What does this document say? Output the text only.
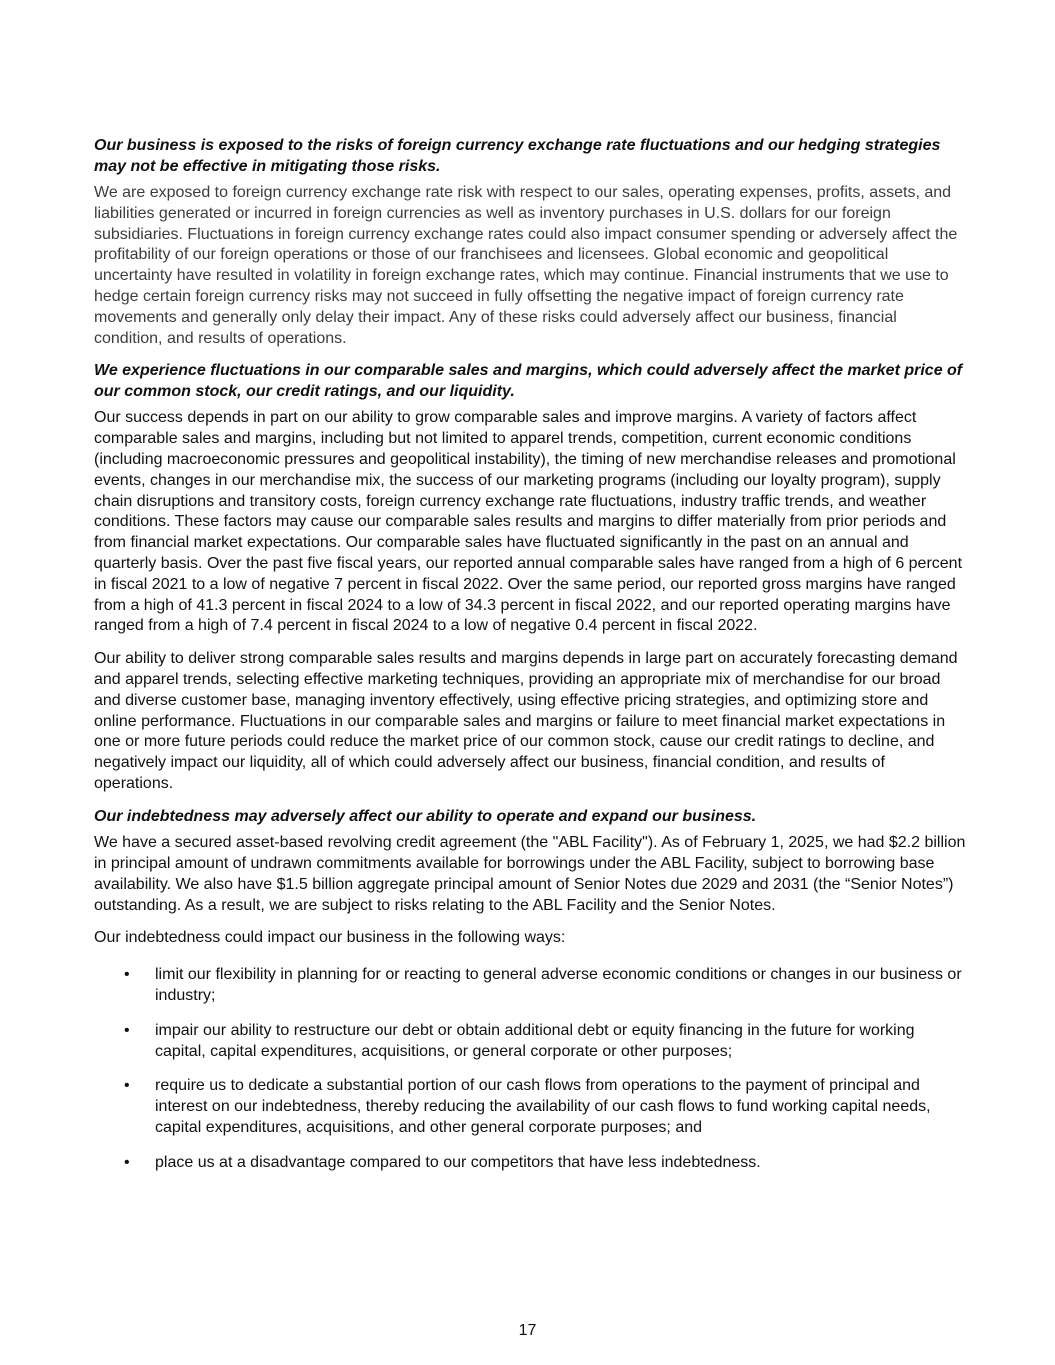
Our business is exposed to the risks of foreign currency exchange rate fluctuations and our hedging strategies may not be effective in mitigating those risks.

We are exposed to foreign currency exchange rate risk with respect to our sales, operating expenses, profits, assets, and liabilities generated or incurred in foreign currencies as well as inventory purchases in U.S. dollars for our foreign subsidiaries. Fluctuations in foreign currency exchange rates could also impact consumer spending or adversely affect the profitability of our foreign operations or those of our franchisees and licensees. Global economic and geopolitical uncertainty have resulted in volatility in foreign exchange rates, which may continue. Financial instruments that we use to hedge certain foreign currency risks may not succeed in fully offsetting the negative impact of foreign currency rate movements and generally only delay their impact. Any of these risks could adversely affect our business, financial condition, and results of operations.

We experience fluctuations in our comparable sales and margins, which could adversely affect the market price of our common stock, our credit ratings, and our liquidity.

Our success depends in part on our ability to grow comparable sales and improve margins. A variety of factors affect comparable sales and margins, including but not limited to apparel trends, competition, current economic conditions (including macroeconomic pressures and geopolitical instability), the timing of new merchandise releases and promotional events, changes in our merchandise mix, the success of our marketing programs (including our loyalty program), supply chain disruptions and transitory costs, foreign currency exchange rate fluctuations, industry traffic trends, and weather conditions. These factors may cause our comparable sales results and margins to differ materially from prior periods and from financial market expectations. Our comparable sales have fluctuated significantly in the past on an annual and quarterly basis. Over the past five fiscal years, our reported annual comparable sales have ranged from a high of 6 percent in fiscal 2021 to a low of negative 7 percent in fiscal 2022. Over the same period, our reported gross margins have ranged from a high of 41.3 percent in fiscal 2024 to a low of 34.3 percent in fiscal 2022, and our reported operating margins have ranged from a high of 7.4 percent in fiscal 2024 to a low of negative 0.4 percent in fiscal 2022.

Our ability to deliver strong comparable sales results and margins depends in large part on accurately forecasting demand and apparel trends, selecting effective marketing techniques, providing an appropriate mix of merchandise for our broad and diverse customer base, managing inventory effectively, using effective pricing strategies, and optimizing store and online performance. Fluctuations in our comparable sales and margins or failure to meet financial market expectations in one or more future periods could reduce the market price of our common stock, cause our credit ratings to decline, and negatively impact our liquidity, all of which could adversely affect our business, financial condition, and results of operations.

Our indebtedness may adversely affect our ability to operate and expand our business.

We have a secured asset-based revolving credit agreement (the "ABL Facility"). As of February 1, 2025, we had $2.2 billion in principal amount of undrawn commitments available for borrowings under the ABL Facility, subject to borrowing base availability. We also have $1.5 billion aggregate principal amount of Senior Notes due 2029 and 2031 (the “Senior Notes”) outstanding. As a result, we are subject to risks relating to the ABL Facility and the Senior Notes.

Our indebtedness could impact our business in the following ways:

• limit our flexibility in planning for or reacting to general adverse economic conditions or changes in our business or industry;
• impair our ability to restructure our debt or obtain additional debt or equity financing in the future for working capital, capital expenditures, acquisitions, or general corporate or other purposes;
• require us to dedicate a substantial portion of our cash flows from operations to the payment of principal and interest on our indebtedness, thereby reducing the availability of our cash flows to fund working capital needs, capital expenditures, acquisitions, and other general corporate purposes; and
• place us at a disadvantage compared to our competitors that have less indebtedness.
17
